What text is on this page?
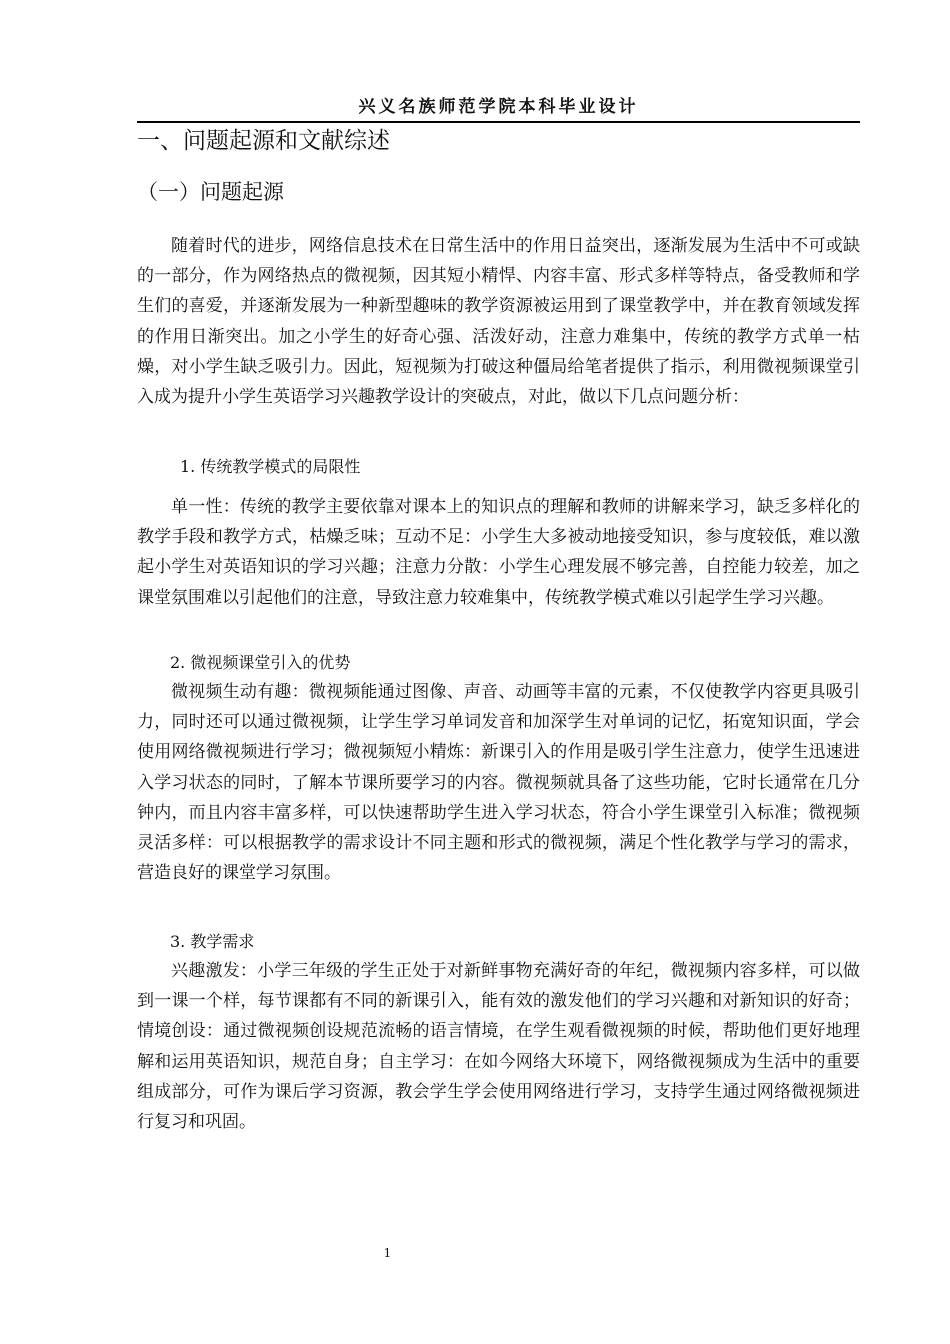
兴义名族师范学院本科毕业设计
一、问题起源和文献综述
（一）问题起源

随着时代的进步，网络信息技术在日常生活中的作用日益突出，逐渐发展为生活中不可或缺的一部分，作为网络热点的微视频，因其短小精悍、内容丰富、形式多样等特点，备受教师和学生们的喜爱，并逐渐发展为一种新型趣味的教学资源被运用到了课堂教学中，并在教育领域发挥的作用日渐突出。加之小学生的好奇心强、活泼好动，注意力难集中，传统的教学方式单一枯燥，对小学生缺乏吸引力。因此，短视频为打破这种僵局给笔者提供了指示，利用微视频课堂引入成为提升小学生英语学习兴趣教学设计的突破点，对此，做以下几点问题分析：

1. 传统教学模式的局限性

单一性：传统的教学主要依靠对课本上的知识点的理解和教师的讲解来学习，缺乏多样化的教学手段和教学方式，枯燥乏味；互动不足：小学生大多被动地接受知识，参与度较低，难以激起小学生对英语知识的学习兴趣；注意力分散：小学生心理发展不够完善，自控能力较差，加之课堂氛围难以引起他们的注意，导致注意力较难集中，传统教学模式难以引起学生学习兴趣。

2. 微视频课堂引入的优势

微视频生动有趣：微视频能通过图像、声音、动画等丰富的元素，不仅使教学内容更具吸引力，同时还可以通过微视频，让学生学习单词发音和加深学生对单词的记忆，拓宽知识面，学会使用网络微视频进行学习；微视频短小精炼：新课引入的作用是吸引学生注意力，使学生迅速进入学习状态的同时，了解本节课所要学习的内容。微视频就具备了这些功能，它时长通常在几分钟内，而且内容丰富多样，可以快速帮助学生进入学习状态，符合小学生课堂引入标准；微视频灵活多样：可以根据教学的需求设计不同主题和形式的微视频，满足个性化教学与学习的需求，营造良好的课堂学习氛围。

3. 教学需求

兴趣激发：小学三年级的学生正处于对新鲜事物充满好奇的年纪，微视频内容多样，可以做到一课一个样，每节课都有不同的新课引入，能有效的激发他们的学习兴趣和对新知识的好奇；情境创设：通过微视频创设规范流畅的语言情境，在学生观看微视频的时候，帮助他们更好地理解和运用英语知识，规范自身；自主学习：在如今网络大环境下，网络微视频成为生活中的重要组成部分，可作为课后学习资源，教会学生学会使用网络进行学习，支持学生通过网络微视频进行复习和巩固。

1
